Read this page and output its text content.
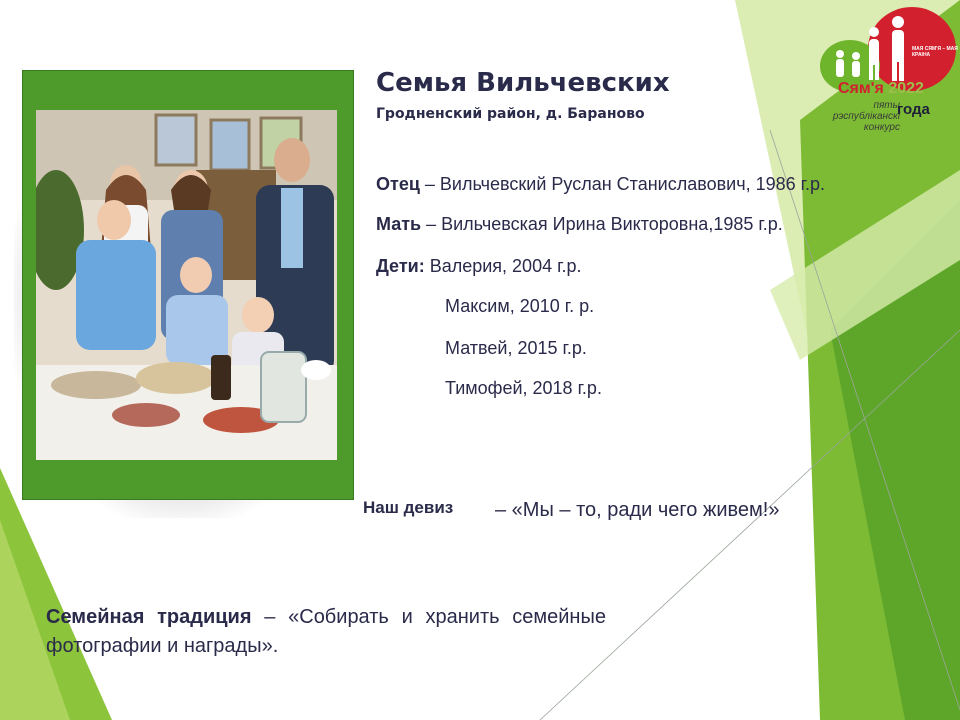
Семья Вильчевских
Гродненский район, д. Бараново
Отец – Вильчевский Руслан Станиславович, 1986 г.р.
Мать – Вильчевская Ирина Викторовна,1985 г.р.
Дети: Валерия, 2004 г.р.
Максим, 2010 г. р.
Матвей, 2015 г.р.
Тимофей, 2018 г.р.
Наш девиз – «Мы – то, ради чего живем!»
Семейная традиция – «Собирать и хранить семейные фотографии и награды».
МАЯ СЯМ'Я – МАЯ КРАІНА
Сям'я 2022
пяты рэспубліканскі конкурс
года
